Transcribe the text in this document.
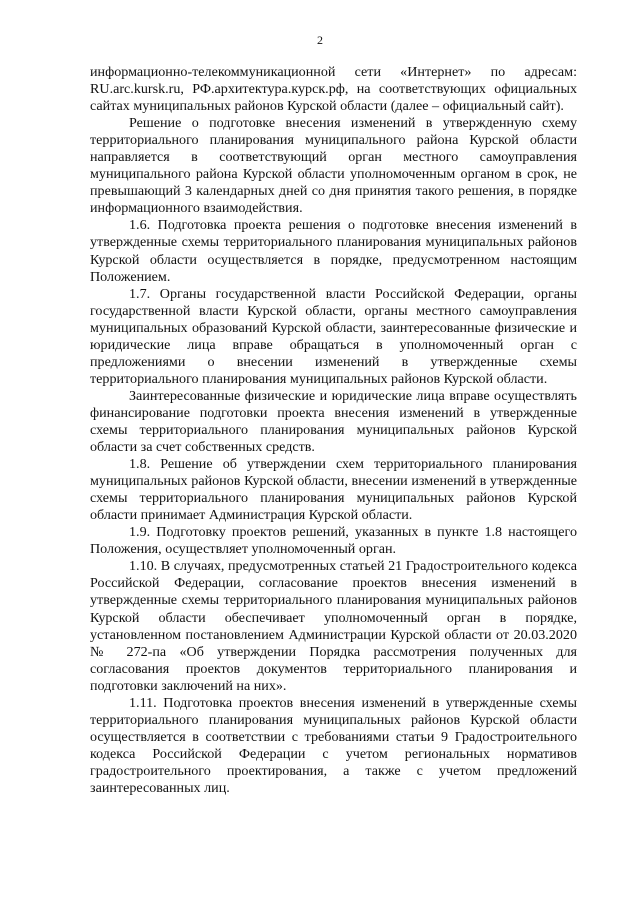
2

информационно-телекоммуникационной сети «Интернет» по адресам: RU.arc.kursk.ru, РФ.архитектура.курск.рф, на соответствующих официальных сайтах муниципальных районов Курской области (далее – официальный сайт).

Решение о подготовке внесения изменений в утвержденную схему территориального планирования муниципального района Курской области направляется в соответствующий орган местного самоуправления муниципального района Курской области уполномоченным органом в срок, не превышающий 3 календарных дней со дня принятия такого решения, в порядке информационного взаимодействия.

1.6. Подготовка проекта решения о подготовке внесения изменений в утвержденные схемы территориального планирования муниципальных районов Курской области осуществляется в порядке, предусмотренном настоящим Положением.

1.7. Органы государственной власти Российской Федерации, органы государственной власти Курской области, органы местного самоуправления муниципальных образований Курской области, заинтересованные физические и юридические лица вправе обращаться в уполномоченный орган с предложениями о внесении изменений в утвержденные схемы территориального планирования муниципальных районов Курской области.

Заинтересованные физические и юридические лица вправе осуществлять финансирование подготовки проекта внесения изменений в утвержденные схемы территориального планирования муниципальных районов Курской области за счет собственных средств.

1.8. Решение об утверждении схем территориального планирования муниципальных районов Курской области, внесении изменений в утвержденные схемы территориального планирования муниципальных районов Курской области принимает Администрация Курской области.

1.9. Подготовку проектов решений, указанных в пункте 1.8 настоящего Положения, осуществляет уполномоченный орган.

1.10. В случаях, предусмотренных статьей 21 Градостроительного кодекса Российской Федерации, согласование проектов внесения изменений в утвержденные схемы территориального планирования муниципальных районов Курской области обеспечивает уполномоченный орган в порядке, установленном постановлением Администрации Курской области от 20.03.2020 № 272-па «Об утверждении Порядка рассмотрения полученных для согласования проектов документов территориального планирования и подготовки заключений на них».

1.11. Подготовка проектов внесения изменений в утвержденные схемы территориального планирования муниципальных районов Курской области осуществляется в соответствии с требованиями статьи 9 Градостроительного кодекса Российской Федерации с учетом региональных нормативов градостроительного проектирования, а также с учетом предложений заинтересованных лиц.
